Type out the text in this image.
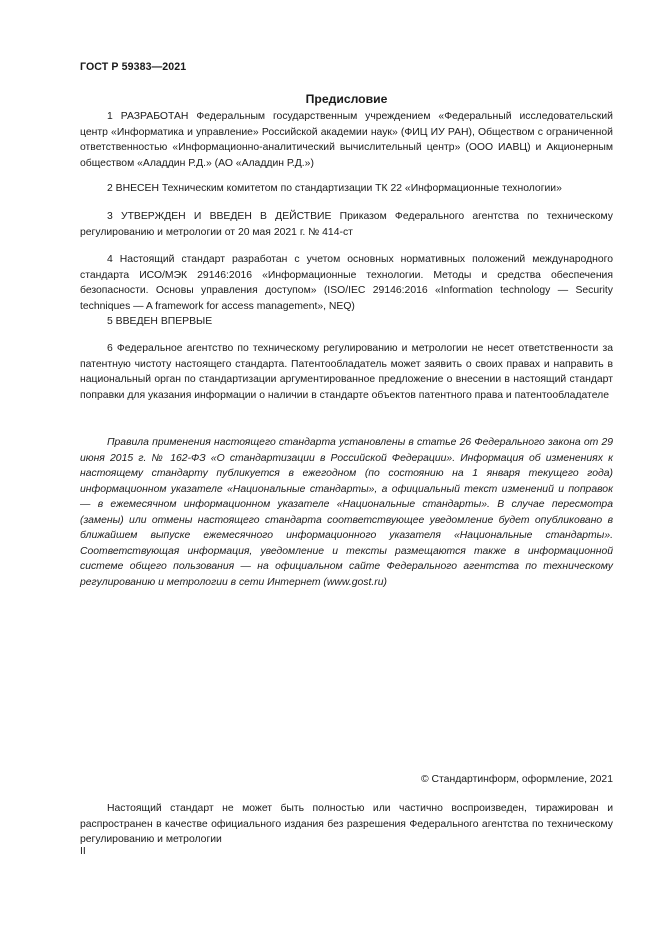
ГОСТ Р 59383—2021
Предисловие

1 РАЗРАБОТАН Федеральным государственным учреждением «Федеральный исследовательский центр «Информатика и управление» Российской академии наук» (ФИЦ ИУ РАН), Обществом с ограниченной ответственностью «Информационно-аналитический вычислительный центр» (ООО ИАВЦ) и Акционерным обществом «Аладдин Р.Д.» (АО «Аладдин Р.Д.»)

2 ВНЕСЕН Техническим комитетом по стандартизации ТК 22 «Информационные технологии»

3 УТВЕРЖДЕН И ВВЕДЕН В ДЕЙСТВИЕ Приказом Федерального агентства по техническому регулированию и метрологии от 20 мая 2021 г. № 414-ст

4 Настоящий стандарт разработан с учетом основных нормативных положений международного стандарта ИСО/МЭК 29146:2016 «Информационные технологии. Методы и средства обеспечения безопасности. Основы управления доступом» (ISO/IEC 29146:2016 «Information technology — Security techniques — A framework for access management», NEQ)

5 ВВЕДЕН ВПЕРВЫЕ

6 Федеральное агентство по техническому регулированию и метрологии не несет ответственности за патентную чистоту настоящего стандарта. Патентообладатель может заявить о своих правах и направить в национальный орган по стандартизации аргументированное предложение о внесении в настоящий стандарт поправки для указания информации о наличии в стандарте объектов патентного права и патентообладателе

Правила применения настоящего стандарта установлены в статье 26 Федерального закона от 29 июня 2015 г. № 162-ФЗ «О стандартизации в Российской Федерации». Информация об изменениях к настоящему стандарту публикуется в ежегодном (по состоянию на 1 января текущего года) информационном указателе «Национальные стандарты», а официальный текст изменений и поправок — в ежемесячном информационном указателе «Национальные стандарты». В случае пересмотра (замены) или отмены настоящего стандарта соответствующее уведомление будет опубликовано в ближайшем выпуске ежемесячного информационного указателя «Национальные стандарты». Соответствующая информация, уведомление и тексты размещаются также в информационной системе общего пользования — на официальном сайте Федерального агентства по техническому регулированию и метрологии в сети Интернет (www.gost.ru)

© Стандартинформ, оформление, 2021

Настоящий стандарт не может быть полностью или частично воспроизведен, тиражирован и распространен в качестве официального издания без разрешения Федерального агентства по техническому регулированию и метрологии

II
